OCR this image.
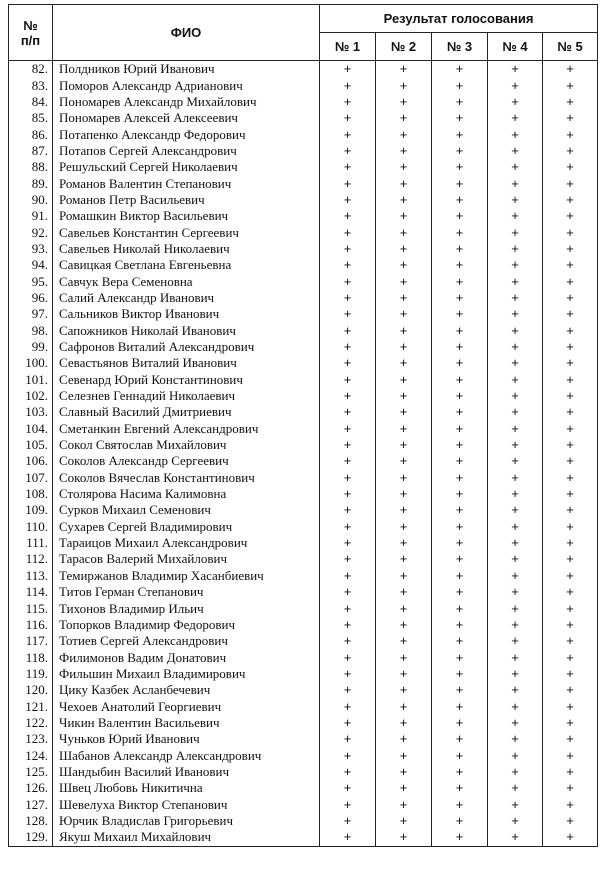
№
п/п	ФИО	Результат голосования				
		№ 1	№ 2	№ 3	№ 4	№ 5
82.	Полдников Юрий Иванович	+	+	+	+	+
83.	Поморов Александр Адрианович	+	+	+	+	+
84.	Пономарев Александр Михайлович	+	+	+	+	+
85.	Пономарев Алексей Алексеевич	+	+	+	+	+
86.	Потапенко Александр Федорович	+	+	+	+	+
87.	Потапов Сергей Александрович	+	+	+	+	+
88.	Решульский Сергей Николаевич	+	+	+	+	+
89.	Романов Валентин Степанович	+	+	+	+	+
90.	Романов Петр Васильевич	+	+	+	+	+
91.	Ромашкин Виктор Васильевич	+	+	+	+	+
92.	Савельев Константин Сергеевич	+	+	+	+	+
93.	Савельев Николай Николаевич	+	+	+	+	+
94.	Савицкая Светлана Евгеньевна	+	+	+	+	+
95.	Савчук Вера Семеновна	+	+	+	+	+
96.	Салий Александр Иванович	+	+	+	+	+
97.	Сальников Виктор Иванович	+	+	+	+	+
98.	Сапожников Николай Иванович	+	+	+	+	+
99.	Сафронов Виталий Александрович	+	+	+	+	+
100.	Севастьянов Виталий Иванович	+	+	+	+	+
101.	Севенард Юрий Константинович	+	+	+	+	+
102.	Селезнев Геннадий Николаевич	+	+	+	+	+
103.	Славный Василий Дмитриевич	+	+	+	+	+
104.	Сметанкин Евгений Александрович	+	+	+	+	+
105.	Сокол Святослав Михайлович	+	+	+	+	+
106.	Соколов Александр Сергеевич	+	+	+	+	+
107.	Соколов Вячеслав Константинович	+	+	+	+	+
108.	Столярова Насима Калимовна	+	+	+	+	+
109.	Сурков Михаил Семенович	+	+	+	+	+
110.	Сухарев Сергей Владимирович	+	+	+	+	+
111.	Тараицов Михаил Александрович	+	+	+	+	+
112.	Тарасов Валерий Михайлович	+	+	+	+	+
113.	Темиржанов Владимир Хасанбиевич	+	+	+	+	+
114.	Титов Герман Степанович	+	+	+	+	+
115.	Тихонов Владимир Ильич	+	+	+	+	+
116.	Топорков Владимир Федорович	+	+	+	+	+
117.	Тотиев Сергей Александрович	+	+	+	+	+
118.	Филимонов Вадим Донатович	+	+	+	+	+
119.	Фильшин Михаил Владимирович	+	+	+	+	+
120.	Цику Казбек Асланбечевич	+	+	+	+	+
121.	Чехоев Анатолий Георгиевич	+	+	+	+	+
122.	Чикин Валентин Васильевич	+	+	+	+	+
123.	Чуньков Юрий Иванович	+	+	+	+	+
124.	Шабанов Александр Александрович	+	+	+	+	+
125.	Шандыбин Василий Иванович	+	+	+	+	+
126.	Швец Любовь Никитична	+	+	+	+	+
127.	Шевелуха Виктор Степанович	+	+	+	+	+
128.	Юрчик Владислав Григорьевич	+	+	+	+	+
129.	Якуш Михаил Михайлович	+	+	+	+	+
